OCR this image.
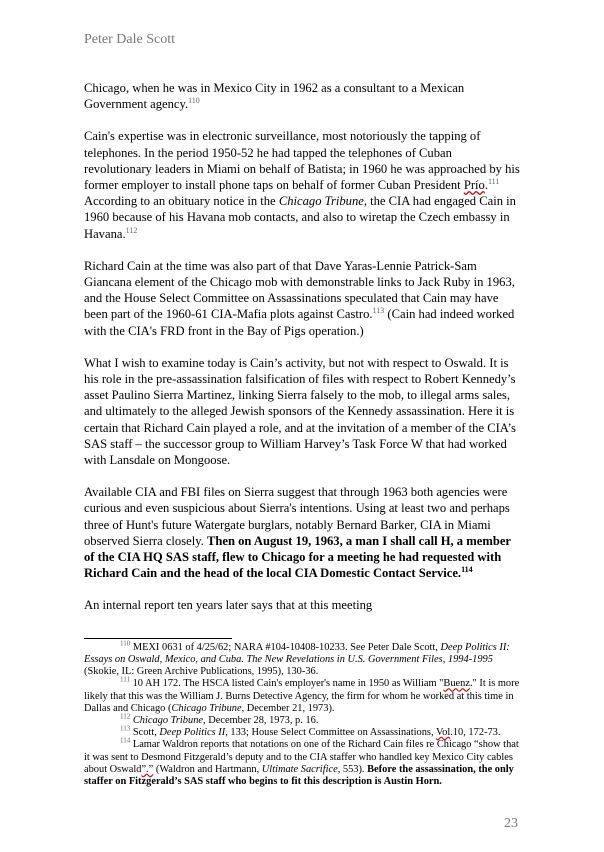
Peter Dale Scott

Chicago, when he was in Mexico City in 1962 as a consultant to a Mexican Government agency.$^{110}$

Cain's expertise was in electronic surveillance, most notoriously the tapping of telephones. In the period 1950-52 he had tapped the telephones of Cuban revolutionary leaders in Miami on behalf of Batista; in 1960 he was approached by his former employer to install phone taps on behalf of former Cuban President Prío.$^{111}$ According to an obituary notice in the Chicago Tribune, the CIA had engaged Cain in 1960 because of his Havana mob contacts, and also to wiretap the Czech embassy in Havana.$^{112}$

Richard Cain at the time was also part of that Dave Yaras-Lennie Patrick-Sam Giancana element of the Chicago mob with demonstrable links to Jack Ruby in 1963, and the House Select Committee on Assassinations speculated that Cain may have been part of the 1960-61 CIA-Mafia plots against Castro.$^{113}$ (Cain had indeed worked with the CIA's FRD front in the Bay of Pigs operation.)

What I wish to examine today is Cain’s activity, but not with respect to Oswald. It is his role in the pre-assassination falsification of files with respect to Robert Kennedy’s asset Paulino Sierra Martinez, linking Sierra falsely to the mob, to illegal arms sales, and ultimately to the alleged Jewish sponsors of the Kennedy assassination. Here it is certain that Richard Cain played a role, and at the invitation of a member of the CIA’s SAS staff – the successor group to William Harvey’s Task Force W that had worked with Lansdale on Mongoose.

Available CIA and FBI files on Sierra suggest that through 1963 both agencies were curious and even suspicious about Sierra's intentions. Using at least two and perhaps three of Hunt's future Watergate burglars, notably Bernard Barker, CIA in Miami observed Sierra closely. Then on August 19, 1963, a man I shall call H, a member of the CIA HQ SAS staff, flew to Chicago for a meeting he had requested with Richard Cain and the head of the local CIA Domestic Contact Service.$^{114}$

An internal report ten years later says that at this meeting

$^{110}$ MEXI 0631 of 4/25/62; NARA #104-10408-10233. See Peter Dale Scott, Deep Politics II: Essays on Oswald, Mexico, and Cuba. The New Revelations in U.S. Government Files, 1994-1995 (Skokie, IL: Green Archive Publications, 1995), 130-36.

$^{111}$ 10 AH 172. The HSCA listed Cain's employer's name in 1950 as William "Buenz." It is more likely that this was the William J. Burns Detective Agency, the firm for whom he worked at this time in Dallas and Chicago (Chicago Tribune, December 21, 1973).

$^{112}$ Chicago Tribune, December 28, 1973, p. 16.

$^{113}$ Scott, Deep Politics II, 133; House Select Committee on Assassinations, Vol.10, 172-73.

$^{114}$ Lamar Waldron reports that notations on one of the Richard Cain files re Chicago “show that it was sent to Desmond Fitzgerald’s deputy and to the CIA staffer who handled key Mexico City cables about Oswald”.” (Waldron and Hartmann, Ultimate Sacrifice, 553). Before the assassination, the only staffer on Fitzgerald’s SAS staff who begins to fit this description is Austin Horn.

23
